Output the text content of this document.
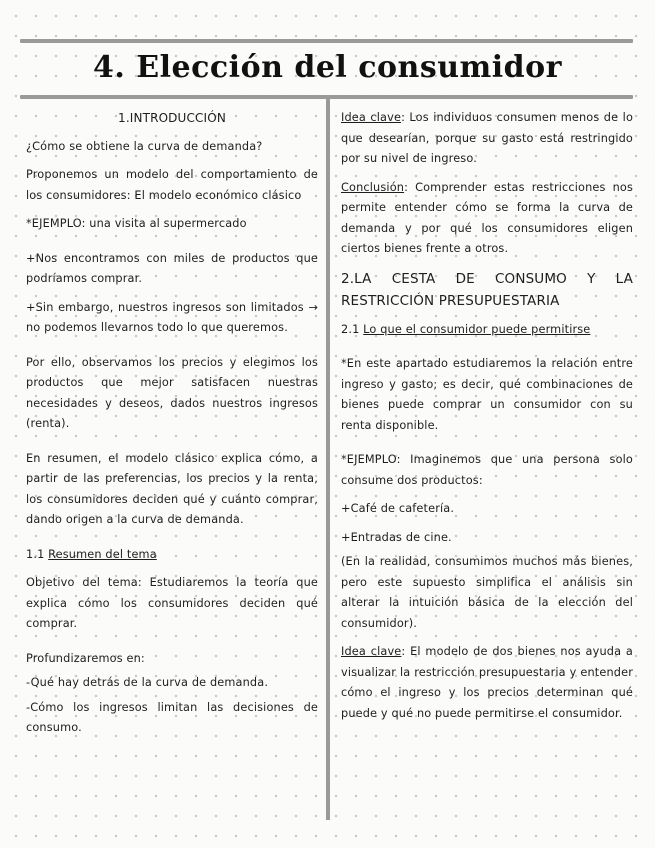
4. Elección del consumidor

1.INTRODUCCIÓN

¿Cómo se obtiene la curva de demanda?

Proponemos un modelo del comportamiento de los consumidores: El modelo económico clásico

*EJEMPLO: una visita al supermercado

+Nos encontramos con miles de productos que podríamos comprar.

+Sin embargo, nuestros ingresos son limitados → no podemos llevarnos todo lo que queremos.

Por ello, observamos los precios y elegimos los productos que mejor satisfacen nuestras necesidades y deseos, dados nuestros ingresos (renta).

En resumen, el modelo clásico explica cómo, a partir de las preferencias, los precios y la renta, los consumidores deciden qué y cuánto comprar, dando origen a la curva de demanda.

1.1 Resumen del tema

Objetivo del tema: Estudiaremos la teoría que explica cómo los consumidores deciden qué comprar.

Profundizaremos en:

-Qué hay detrás de la curva de demanda.

-Cómo los ingresos limitan las decisiones de consumo.

Idea clave: Los individuos consumen menos de lo que desearían, porque su gasto está restringido por su nivel de ingreso.

Conclusión: Comprender estas restricciones nos permite entender cómo se forma la curva de demanda y por qué los consumidores eligen ciertos bienes frente a otros.

2.LA CESTA DE CONSUMO Y LA RESTRICCIÓN PRESUPUESTARIA

2.1 Lo que el consumidor puede permitirse

*En este apartado estudiaremos la relación entre ingreso y gasto; es decir, qué combinaciones de bienes puede comprar un consumidor con su renta disponible.

*EJEMPLO: Imaginemos que una persona solo consume dos productos:

+Café de cafetería.

+Entradas de cine.

(En la realidad, consumimos muchos más bienes, pero este supuesto simplifica el análisis sin alterar la intuición básica de la elección del consumidor).

Idea clave: El modelo de dos bienes nos ayuda a visualizar la restricción presupuestaria y entender cómo el ingreso y los precios determinan qué puede y qué no puede permitirse el consumidor.
